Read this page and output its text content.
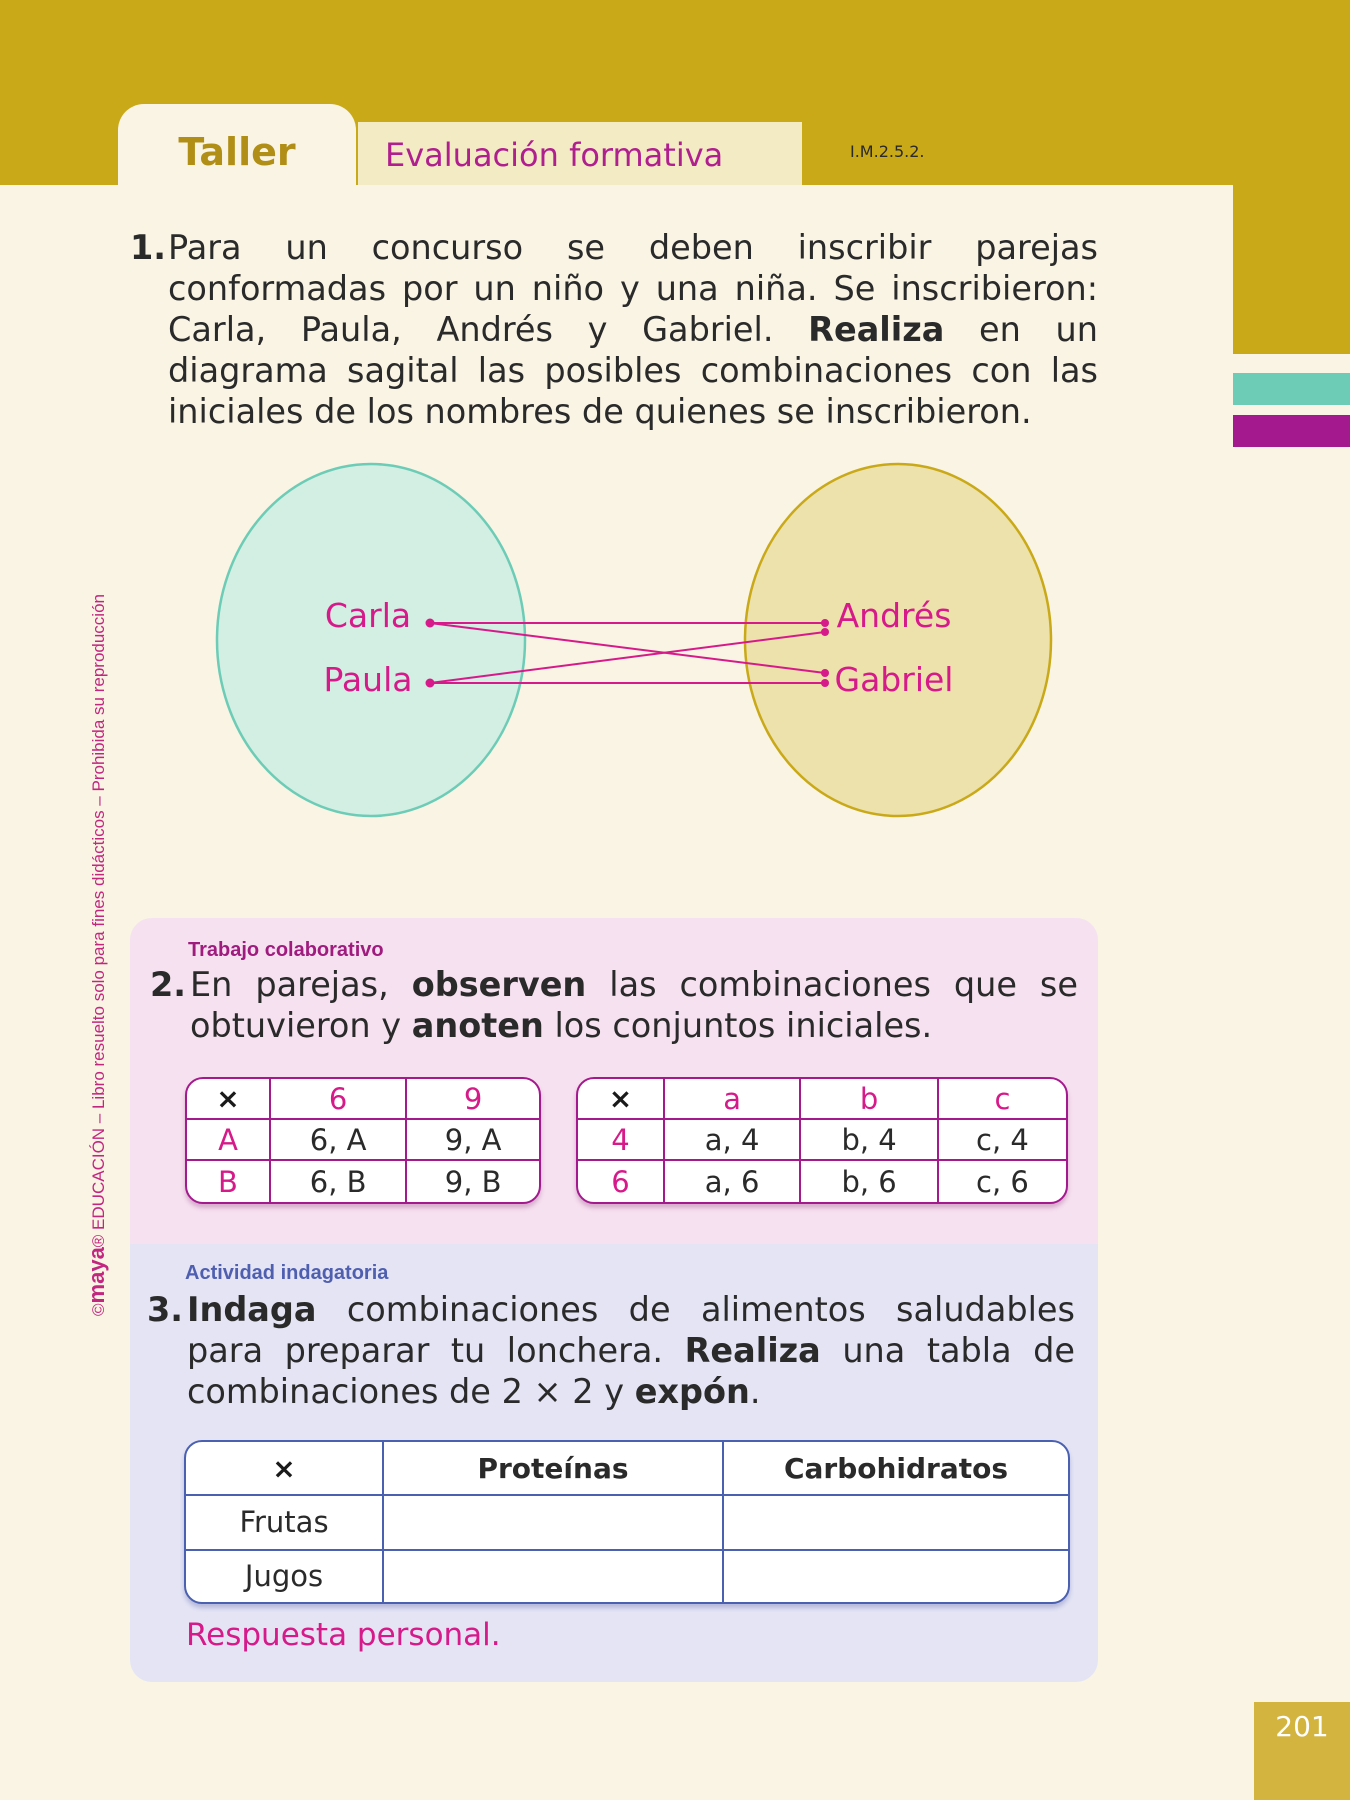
Taller	Evaluación formativa	I.M.2.5.2.
©maya® EDUCACIÓN – Libro resuelto solo para fines didácticos – Prohibida su reproducción
1. Para un concurso se deben inscribir parejas conformadas por un niño y una niña. Se inscribieron: Carla, Paula, Andrés y Gabriel. Realiza en un diagrama sagital las posibles combinaciones con las iniciales de los nombres de quienes se inscribieron.
Carla
Paula
Andrés
Gabriel
Trabajo colaborativo
2. En parejas, observen las combinaciones que se obtuvieron y anoten los conjuntos iniciales.
×	6	9
A	6, A	9, A
B	6, B	9, B
×	a	b	c
4	a, 4	b, 4	c, 4
6	a, 6	b, 6	c, 6
Actividad indagatoria
3. Indaga combinaciones de alimentos saludables para preparar tu lonchera. Realiza una tabla de combinaciones de 2 × 2 y expón.
×	Proteínas	Carbohidratos
Frutas		
Jugos		
Respuesta personal.
201
